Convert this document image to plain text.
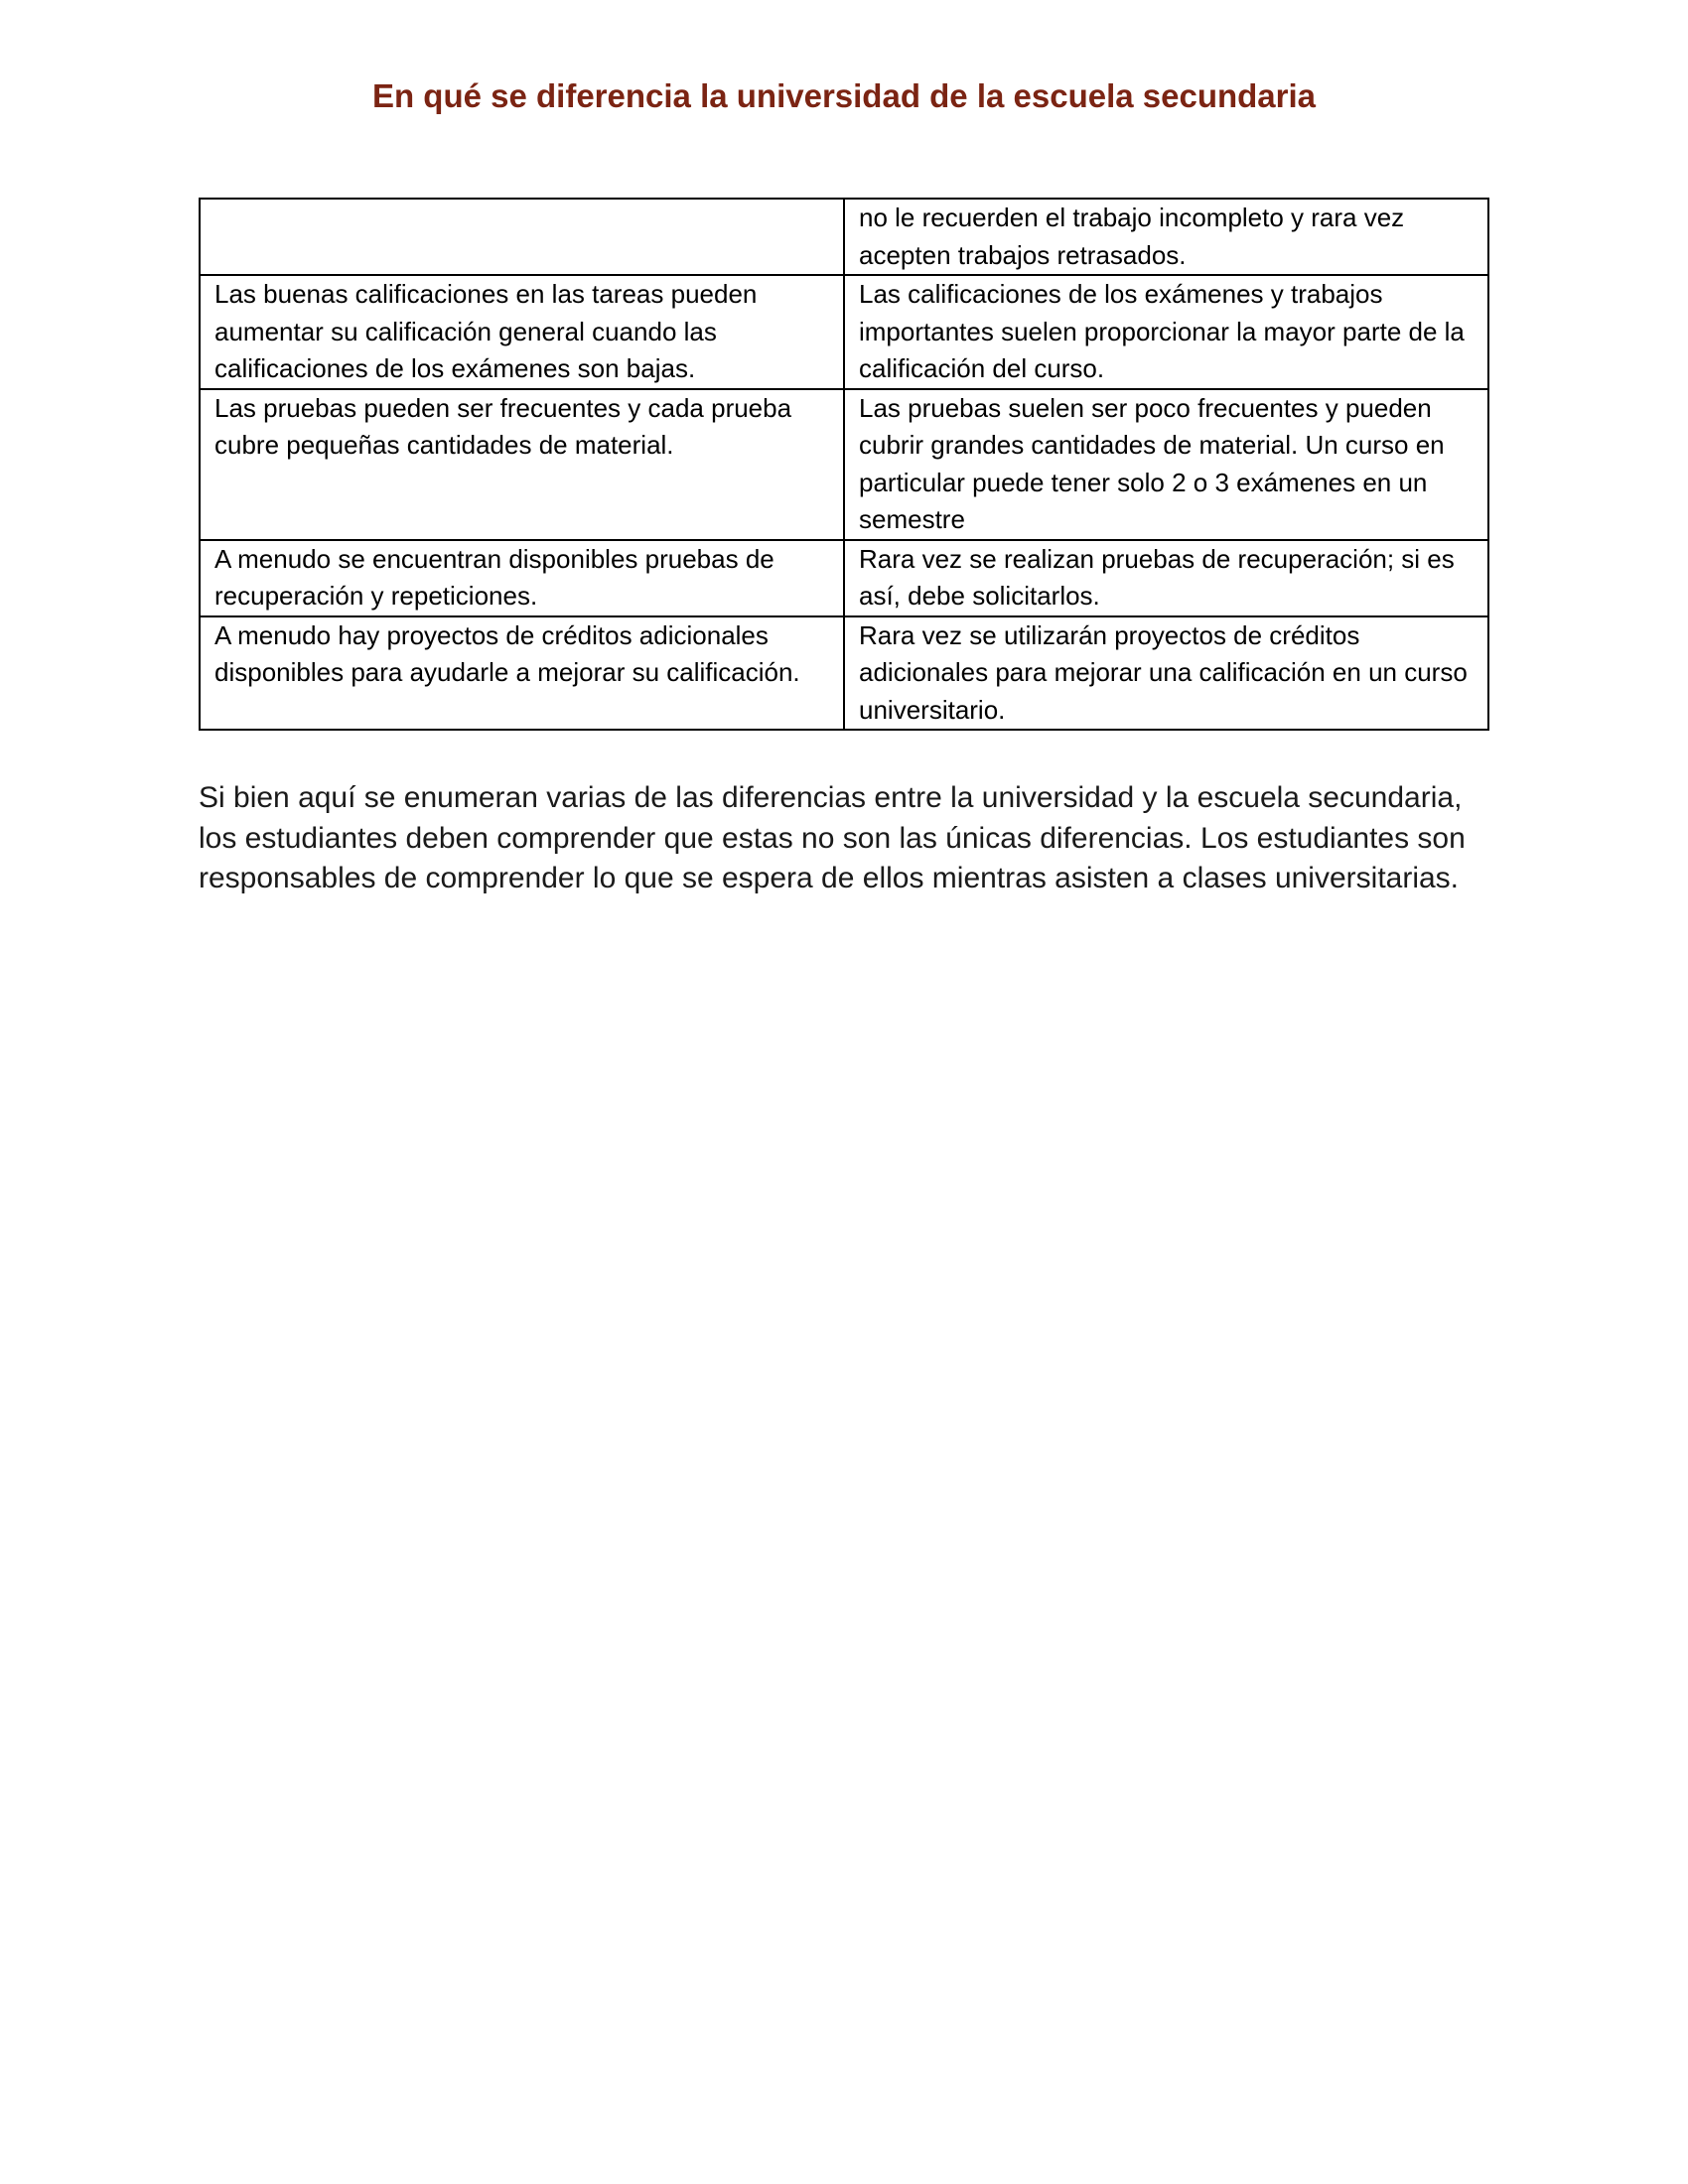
En qué se diferencia la universidad de la escuela secundaria
	no le recuerden el trabajo incompleto y rara vez acepten trabajos retrasados.
Las buenas calificaciones en las tareas pueden aumentar su calificación general cuando las calificaciones de los exámenes son bajas.	Las calificaciones de los exámenes y trabajos importantes suelen proporcionar la mayor parte de la calificación del curso.
Las pruebas pueden ser frecuentes y cada prueba cubre pequeñas cantidades de material.	Las pruebas suelen ser poco frecuentes y pueden cubrir grandes cantidades de material. Un curso en particular puede tener solo 2 o 3 exámenes en un semestre
A menudo se encuentran disponibles pruebas de recuperación y repeticiones.	Rara vez se realizan pruebas de recuperación; si es así, debe solicitarlos.
A menudo hay proyectos de créditos adicionales disponibles para ayudarle a mejorar su calificación.	Rara vez se utilizarán proyectos de créditos adicionales para mejorar una calificación en un curso universitario.

Si bien aquí se enumeran varias de las diferencias entre la universidad y la escuela secundaria, los estudiantes deben comprender que estas no son las únicas diferencias. Los estudiantes son responsables de comprender lo que se espera de ellos mientras asisten a clases universitarias.
